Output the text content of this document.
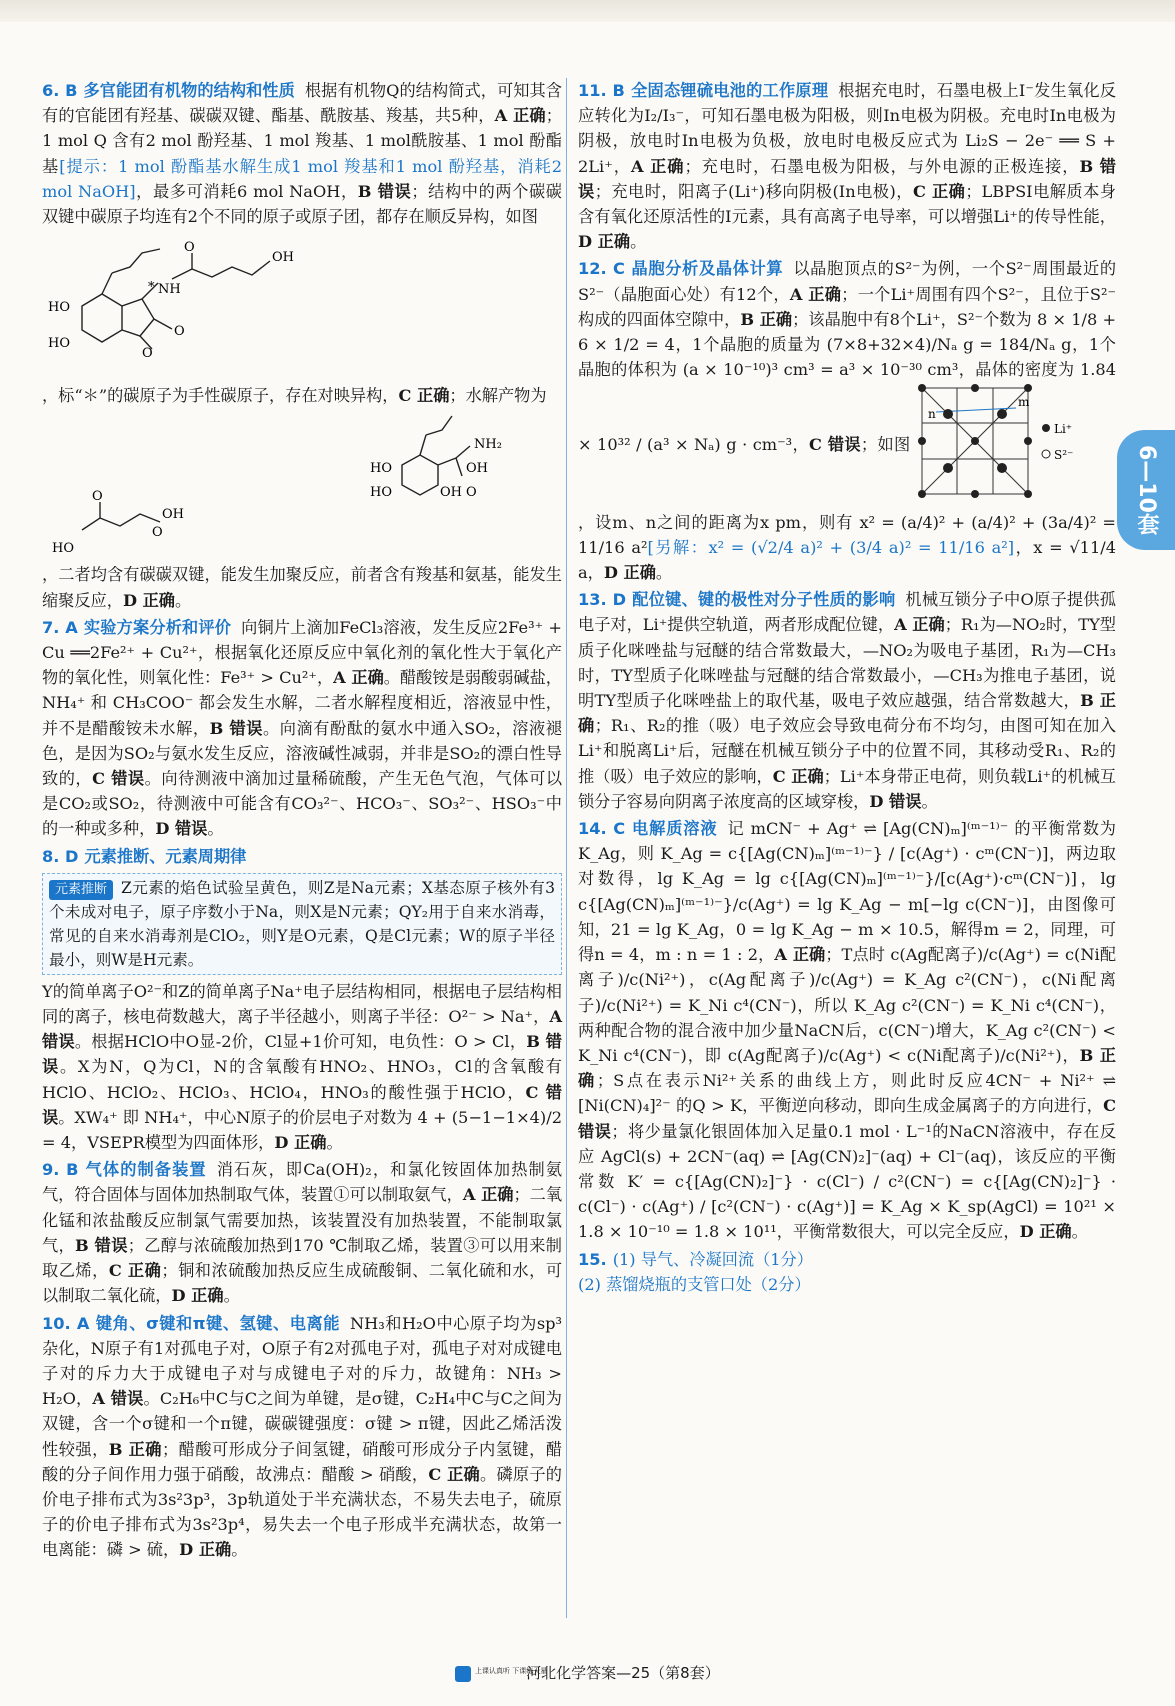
6. B 多官能团有机物的结构和性质 根据有机物Q的结构简式，可知其含有的官能团有羟基、碳碳双键、酯基、酰胺基、羧基，共5种，A 正确；1 mol Q 含有2 mol 酚羟基、1 mol 羧基、1 mol酰胺基、1 mol 酚酯基[提示：1 mol 酚酯基水解生成1 mol 羧基和1 mol 酚羟基，消耗2 mol NaOH]，最多可消耗6 mol NaOH，B 错误；结构中的两个碳碳双键中碳原子均连有2个不同的原子或原子团，都存在顺反异构，如图
HO
HO
NH
*
O
O
O
OH
，标“＊”的碳原子为手性碳原子，存在对映异构，C 正确；水解产物为
NH₂
OH
O
HO
HO	OH
OH
O
HO
O
，二者均含有碳碳双键，能发生加聚反应，前者含有羧基和氨基，能发生缩聚反应，D 正确。

7. A 实验方案分析和评价 向铜片上滴加FeCl₃溶液，发生反应2Fe³⁺ + Cu ══2Fe²⁺ + Cu²⁺，根据氧化还原反应中氧化剂的氧化性大于氧化产物的氧化性，则氧化性：Fe³⁺ > Cu²⁺，A 正确。醋酸铵是弱酸弱碱盐，NH₄⁺ 和 CH₃COO⁻ 都会发生水解，二者水解程度相近，溶液显中性，并不是醋酸铵未水解，B 错误。向滴有酚酞的氨水中通入SO₂，溶液褪色，是因为SO₂与氨水发生反应，溶液碱性减弱，并非是SO₂的漂白性导致的，C 错误。向待测液中滴加过量稀硫酸，产生无色气泡，气体可以是CO₂或SO₂，待测液中可能含有CO₃²⁻、HCO₃⁻、SO₃²⁻、HSO₃⁻中的一种或多种，D 错误。

8. D 元素推断、元素周期律

元素推断 Z元素的焰色试验呈黄色，则Z是Na元素；X基态原子核外有3个未成对电子，原子序数小于Na，则X是N元素；QY₂用于自来水消毒，常见的自来水消毒剂是ClO₂，则Y是O元素，Q是Cl元素；W的原子半径最小，则W是H元素。

Y的简单离子O²⁻和Z的简单离子Na⁺电子层结构相同，根据电子层结构相同的离子，核电荷数越大，离子半径越小，则离子半径：O²⁻ > Na⁺，A 错误。根据HClO中O显-2价，Cl显+1价可知，电负性：O > Cl，B 错误。X为N，Q为Cl，N的含氧酸有HNO₂、HNO₃，Cl的含氧酸有HClO、HClO₂、HClO₃、HClO₄，HNO₃的酸性强于HClO，C 错误。XW₄⁺ 即 NH₄⁺，中心N原子的价层电子对数为 4 + (5−1−1×4)/2 = 4，VSEPR模型为四面体形，D 正确。

9. B 气体的制备装置 消石灰，即Ca(OH)₂，和氯化铵固体加热制氨气，符合固体与固体加热制取气体，装置①可以制取氨气，A 正确；二氧化锰和浓盐酸反应制氯气需要加热，该装置没有加热装置，不能制取氯气，B 错误；乙醇与浓硫酸加热到170 ℃制取乙烯，装置③可以用来制取乙烯，C 正确；铜和浓硫酸加热反应生成硫酸铜、二氧化硫和水，可以制取二氧化硫，D 正确。

10. A 键角、σ键和π键、氢键、电离能 NH₃和H₂O中心原子均为sp³杂化，N原子有1对孤电子对，O原子有2对孤电子对，孤电子对对成键电子对的斥力大于成键电子对与成键电子对的斥力，故键角：NH₃ > H₂O，A 错误。C₂H₆中C与C之间为单键，是σ键，C₂H₄中C与C之间为双键，含一个σ键和一个π键，碳碳键强度：σ键 > π键，因此乙烯活泼性较强，B 正确；醋酸可形成分子间氢键，硝酸可形成分子内氢键，醋酸的分子间作用力强于硝酸，故沸点：醋酸 > 硝酸，C 正确。磷原子的价电子排布式为3s²3p³，3p轨道处于半充满状态，不易失去电子，硫原子的价电子排布式为3s²3p⁴，易失去一个电子形成半充满状态，故第一电离能：磷 > 硫，D 正确。

11. B 全固态锂硫电池的工作原理 根据充电时，石墨电极上I⁻发生氧化反应转化为I₂/I₃⁻，可知石墨电极为阳极，则In电极为阴极。充电时In电极为阴极，放电时In电极为负极，放电时电极反应式为 Li₂S − 2e⁻ ══ S + 2Li⁺，A 正确；充电时，石墨电极为阳极，与外电源的正极连接，B 错误；充电时，阳离子(Li⁺)移向阴极(In电极)，C 正确；LBPSI电解质本身含有氧化还原活性的I元素，具有高离子电导率，可以增强Li⁺的传导性能，D 正确。

12. C 晶胞分析及晶体计算 以晶胞顶点的S²⁻为例，一个S²⁻周围最近的S²⁻（晶胞面心处）有12个，A 正确；一个Li⁺周围有四个S²⁻，且位于S²⁻构成的四面体空隙中，B 正确；该晶胞中有8个Li⁺，S²⁻个数为 8 × 1/8 + 6 × 1/2 = 4，1个晶胞的质量为 (7×8+32×4)/Nₐ g = 184/Nₐ g，1个晶胞的体积为 (a × 10⁻¹⁰)³ cm³ = a³ × 10⁻³⁰ cm³，晶体的密度为 1.84 × 10³² / (a³ × Nₐ) g · cm⁻³，C 错误；如图
n
m
Li⁺
S²⁻
，设m、n之间的距离为x pm，则有 x² = (a/4)² + (a/4)² + (3a/4)² = 11/16 a²[另解：x² = (√2/4 a)² + (3/4 a)² = 11/16 a²]，x = √11/4 a，D 正确。

13. D 配位键、键的极性对分子性质的影响 机械互锁分子中O原子提供孤电子对，Li⁺提供空轨道，两者形成配位键，A 正确；R₁为—NO₂时，TY型质子化咪唑盐与冠醚的结合常数最大，—NO₂为吸电子基团，R₁为—CH₃时，TY型质子化咪唑盐与冠醚的结合常数最小，—CH₃为推电子基团，说明TY型质子化咪唑盐上的取代基，吸电子效应越强，结合常数越大，B 正确；R₁、R₂的推（吸）电子效应会导致电荷分布不均匀，由图可知在加入Li⁺和脱离Li⁺后，冠醚在机械互锁分子中的位置不同，其移动受R₁、R₂的推（吸）电子效应的影响，C 正确；Li⁺本身带正电荷，则负载Li⁺的机械互锁分子容易向阴离子浓度高的区域穿梭，D 错误。

14. C 电解质溶液 记 mCN⁻ + Ag⁺ ⇌ [Ag(CN)ₘ]⁽ᵐ⁻¹⁾⁻ 的平衡常数为 K_Ag，则 K_Ag = c{[Ag(CN)ₘ]⁽ᵐ⁻¹⁾⁻} / [c(Ag⁺) · cᵐ(CN⁻)]，两边取对数得，lg K_Ag = lg c{[Ag(CN)ₘ]⁽ᵐ⁻¹⁾⁻}/[c(Ag⁺)·cᵐ(CN⁻)]，lg c{[Ag(CN)ₘ]⁽ᵐ⁻¹⁾⁻}/c(Ag⁺) = lg K_Ag − m[−lg c(CN⁻)]，由图像可知，21 = lg K_Ag，0 = lg K_Ag − m × 10.5，解得m = 2，同理，可得n = 4，m : n = 1 : 2，A 正确；T点时 c(Ag配离子)/c(Ag⁺) = c(Ni配离子)/c(Ni²⁺)，c(Ag配离子)/c(Ag⁺) = K_Ag c²(CN⁻)，c(Ni配离子)/c(Ni²⁺) = K_Ni c⁴(CN⁻)，所以 K_Ag c²(CN⁻) = K_Ni c⁴(CN⁻)，两种配合物的混合液中加少量NaCN后，c(CN⁻)增大，K_Ag c²(CN⁻) < K_Ni c⁴(CN⁻)，即 c(Ag配离子)/c(Ag⁺) < c(Ni配离子)/c(Ni²⁺)，B 正确；S点在表示Ni²⁺关系的曲线上方，则此时反应4CN⁻ + Ni²⁺ ⇌ [Ni(CN)₄]²⁻ 的Q > K，平衡逆向移动，即向生成金属离子的方向进行，C 错误；将少量氯化银固体加入足量0.1 mol · L⁻¹的NaCN溶液中，存在反应 AgCl(s) + 2CN⁻(aq) ⇌ [Ag(CN)₂]⁻(aq) + Cl⁻(aq)，该反应的平衡常数 K′ = c{[Ag(CN)₂]⁻} · c(Cl⁻) / c²(CN⁻) = c{[Ag(CN)₂]⁻} · c(Cl⁻) · c(Ag⁺) / [c²(CN⁻) · c(Ag⁺)] = K_Ag × K_sp(AgCl) = 10²¹ × 1.8 × 10⁻¹⁰ = 1.8 × 10¹¹，平衡常数很大，可以完全反应，D 正确。

15. (1) 导气、冷凝回流（1分）
(2) 蒸馏烧瓶的支管口处（2分）

6—10套
上课认真听 下课练天星
河北化学答案—25（第8套）
